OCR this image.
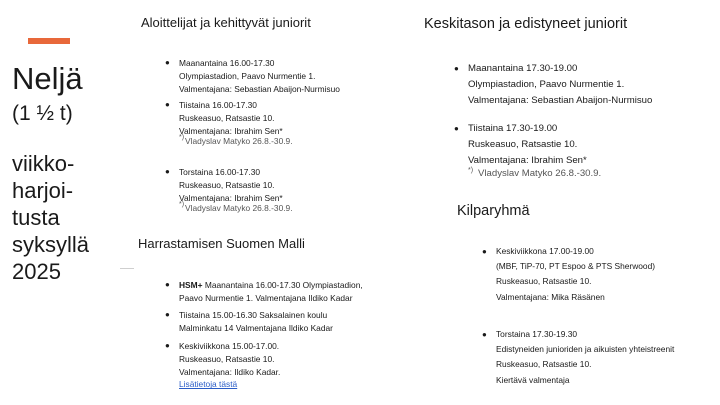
Neljä
(1 ½ t)
viikko-
harjoi-
tusta
syksyllä
2025
Aloittelijat ja kehittyvät juniorit
● Maanantaina 16.00-17.30
Olympiastadion, Paavo Nurmentie 1.
Valmentajana: Sebastian Abaijon-Nurmisuo
● Tiistaina 16.00-17.30
Ruskeasuo, Ratsastie 10.
Valmentajana: Ibrahim Sen*
*) Vladyslav Matyko 26.8.-30.9.
● Torstaina 16.00-17.30
Ruskeasuo, Ratsastie 10.
Valmentajana: Ibrahim Sen*
*) Vladyslav Matyko 26.8.-30.9.
Harrastamisen Suomen Malli
● HSM+ Maanantaina 16.00-17.30 Olympiastadion,
Paavo Nurmentie 1. Valmentajana Ildiko Kadar
● Tiistaina 15.00-16.30 Saksalainen koulu
Malminkatu 14 Valmentajana Ildiko Kadar
● Keskiviikkona 15.00-17.00.
Ruskeasuo, Ratsastie 10.
Valmentajana: Ildiko Kadar.
Lisätietoja tästä
Keskitason ja edistyneet juniorit
● Maanantaina 17.30-19.00
Olympiastadion, Paavo Nurmentie 1.
Valmentajana: Sebastian Abaijon-Nurmisuo
● Tiistaina 17.30-19.00
Ruskeasuo, Ratsastie 10.
Valmentajana: Ibrahim Sen*
*) Vladyslav Matyko 26.8.-30.9.
Kilparyhmä
● Keskiviikkona 17.00-19.00
(MBF, TiP-70, PT Espoo & PTS Sherwood)
Ruskeasuo, Ratsastie 10.
Valmentajana: Mika Räsänen
● Torstaina 17.30-19.30
Edistyneiden junioriden ja aikuisten yhteistreenit
Ruskeasuo, Ratsastie 10.
Kiertävä valmentaja
